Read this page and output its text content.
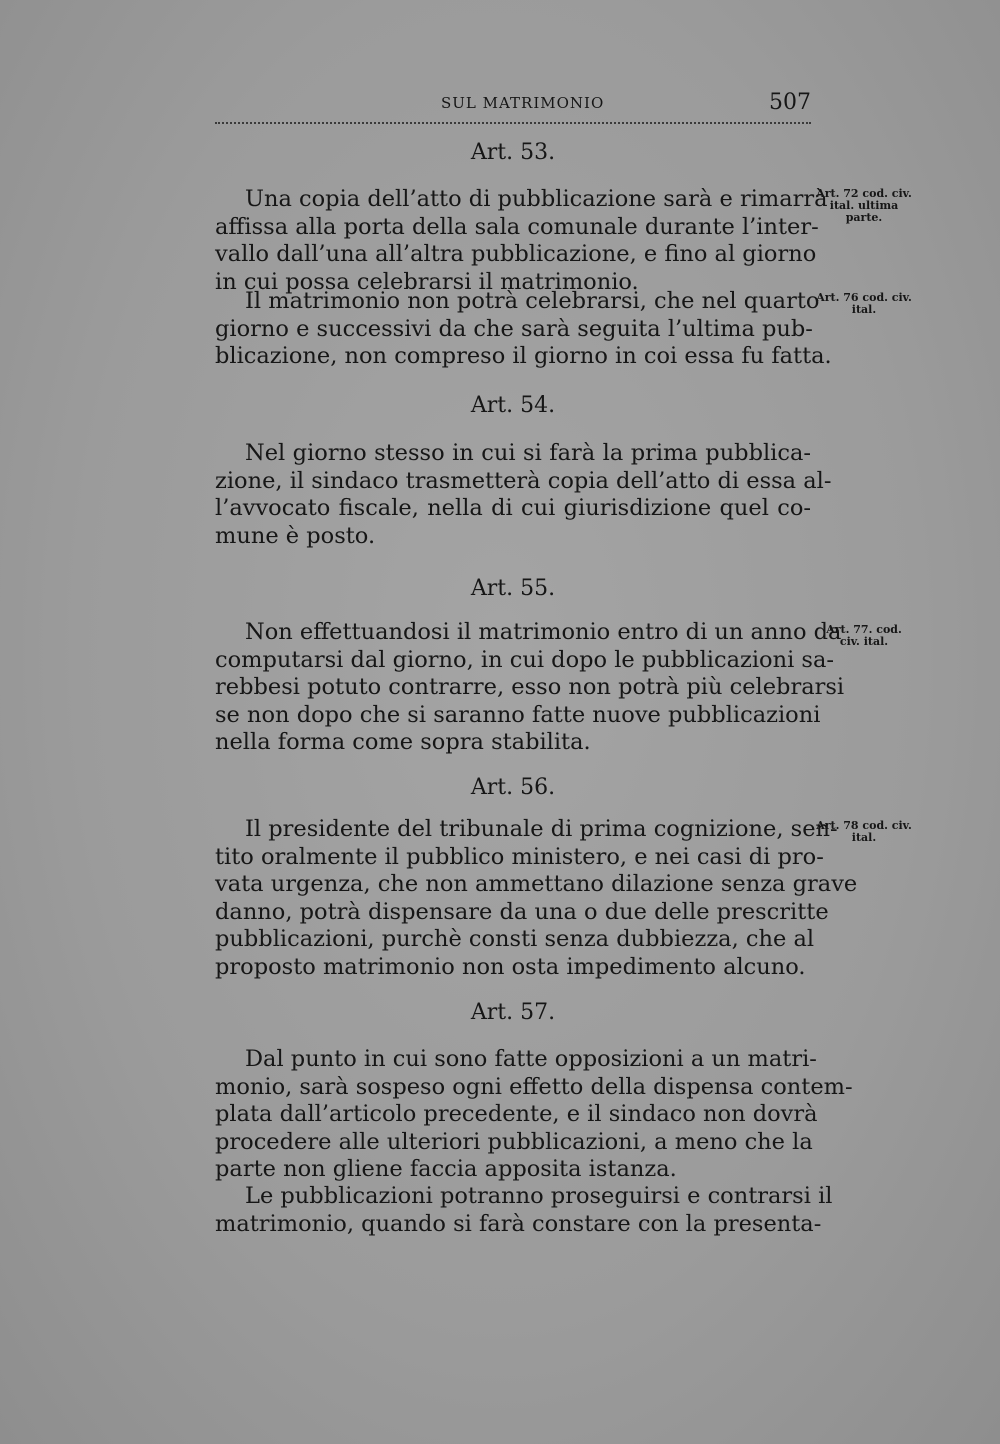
SUL MATRIMONIO	507
Art. 53.
Una copia dell’atto di pubblicazione sarà e rimarrà
affissa alla porta della sala comunale durante l’inter-
vallo dall’una all’altra pubblicazione, e fino al giorno
in cui possa celebrarsi il matrimonio.
Il matrimonio non potrà celebrarsi, che nel quarto
giorno e successivi da che sarà seguita l’ultima pub-
blicazione, non compreso il giorno in coi essa fu fatta.
Art. 54.
Nel giorno stesso in cui si farà la prima pubblica-
zione, il sindaco trasmetterà copia dell’atto di essa al-
l’avvocato fiscale, nella di cui giurisdizione quel co-
mune è posto.
Art. 55.
Non effettuandosi il matrimonio entro di un anno da
computarsi dal giorno, in cui dopo le pubblicazioni sa-
rebbesi potuto contrarre, esso non potrà più celebrarsi
se non dopo che si saranno fatte nuove pubblicazioni
nella forma come sopra stabilita.
Art. 56.
Il presidente del tribunale di prima cognizione, sen-
tito oralmente il pubblico ministero, e nei casi di pro-
vata urgenza, che non ammettano dilazione senza grave
danno, potrà dispensare da una o due delle prescritte
pubblicazioni, purchè consti senza dubbiezza, che al
proposto matrimonio non osta impedimento alcuno.
Art. 57.
Dal punto in cui sono fatte opposizioni a un matri-
monio, sarà sospeso ogni effetto della dispensa contem-
plata dall’articolo precedente, e il sindaco non dovrà
procedere alle ulteriori pubblicazioni, a meno che la
parte non gliene faccia apposita istanza.
Le pubblicazioni potranno proseguirsi e contrarsi il
matrimonio, quando si farà constare con la presenta-
Art. 72 cod. civ. ital. ultima parte.
Art. 76 cod. civ. ital.
Art. 77. cod. civ. ital.
Art. 78 cod. civ. ital.
